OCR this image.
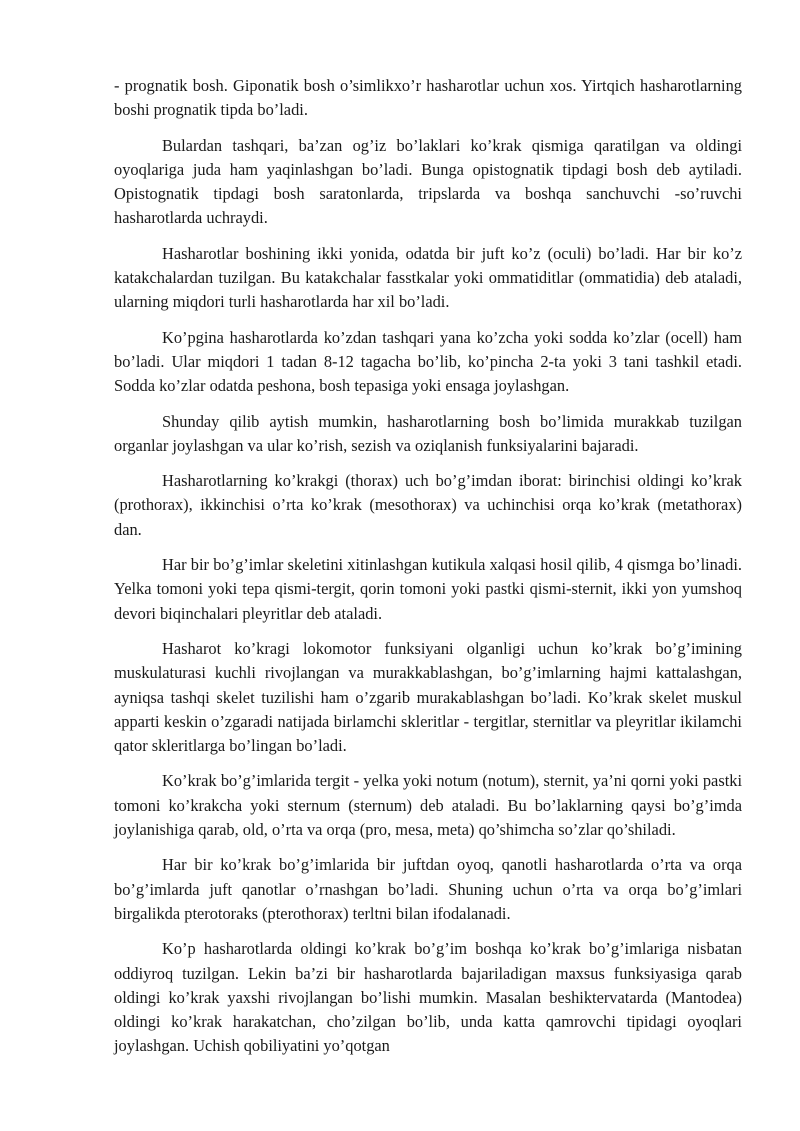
- prognatik bosh. Giponatik bosh o’simlikxo’r hasharotlar uchun xos. Yirtqich hasharotlarning boshi prognatik tipda bo’ladi.

Bulardan tashqari, ba’zan og’iz bo’laklari ko’krak qismiga qaratilgan va oldingi oyoqlariga juda ham yaqinlashgan bo’ladi. Bunga opistognatik tipdagi bosh deb aytiladi. Opistognatik tipdagi bosh saratonlarda, tripslarda va boshqa sanchuvchi -so’ruvchi hasharotlarda uchraydi.

Hasharotlar boshining ikki yonida, odatda bir juft ko’z (oculi) bo’ladi. Har bir ko’z katakchalardan tuzilgan. Bu katakchalar fasstkalar yoki ommatiditlar (ommatidia) deb ataladi, ularning miqdori turli hasharotlarda har xil bo’ladi.

Ko’pgina hasharotlarda ko’zdan tashqari yana ko’zcha yoki sodda ko’zlar (ocell) ham bo’ladi. Ular miqdori 1 tadan 8-12 tagacha bo’lib, ko’pincha 2-ta yoki 3 tani tashkil etadi. Sodda ko’zlar odatda peshona, bosh tepasiga yoki ensaga joylashgan.

Shunday qilib aytish mumkin, hasharotlarning bosh bo’limida murakkab tuzilgan organlar joylashgan va ular ko’rish, sezish va oziqlanish funksiyalarini bajaradi.

Hasharotlarning ko’krakgi (thorax) uch bo’g’imdan iborat: birinchisi oldingi ko’krak (prothorax), ikkinchisi o’rta ko’krak (mesothorax) va uchinchisi orqa ko’krak (metathorax) dan.

Har bir bo’g’imlar skeletini xitinlashgan kutikula xalqasi hosil qilib, 4 qismga bo’linadi. Yelka tomoni yoki tepa qismi-tergit, qorin tomoni yoki pastki qismi-sternit, ikki yon yumshoq devori biqinchalari pleyritlar deb ataladi.

Hasharot ko’kragi lokomotor funksiyani olganligi uchun ko’krak bo’g’imining muskulaturasi kuchli rivojlangan va murakkablashgan, bo’g’imlarning hajmi kattalashgan, ayniqsa tashqi skelet tuzilishi ham o’zgarib murakablashgan bo’ladi. Ko’krak skelet muskul apparti keskin o’zgaradi natijada birlamchi skleritlar - tergitlar, sternitlar va pleyritlar ikilamchi qator skleritlarga bo’lingan bo’ladi.

Ko’krak bo’g’imlarida tergit - yelka yoki notum (notum), sternit, ya’ni qorni yoki pastki tomoni ko’krakcha yoki sternum (sternum) deb ataladi. Bu bo’laklarning qaysi bo’g’imda joylanishiga qarab, old, o’rta va orqa (pro, mesa, meta) qo’shimcha so’zlar qo’shiladi.

Har bir ko’krak bo’g’imlarida bir juftdan oyoq, qanotli hasharotlarda o’rta va orqa bo’g’imlarda juft qanotlar o’rnashgan bo’ladi. Shuning uchun o’rta va orqa bo’g’imlari birgalikda pterotoraks (pterothorax) terltni bilan ifodalanadi.

Ko’p hasharotlarda oldingi ko’krak bo’g’im boshqa ko’krak bo’g’imlariga nisbatan oddiyroq tuzilgan. Lekin ba’zi bir hasharotlarda bajariladigan maxsus funksiyasiga qarab oldingi ko’krak yaxshi rivojlangan bo’lishi mumkin. Masalan beshiktervatarda (Mantodea) oldingi ko’krak harakatchan, cho’zilgan bo’lib, unda katta qamrovchi tipidagi oyoqlari joylashgan. Uchish qobiliyatini yo’qotgan
